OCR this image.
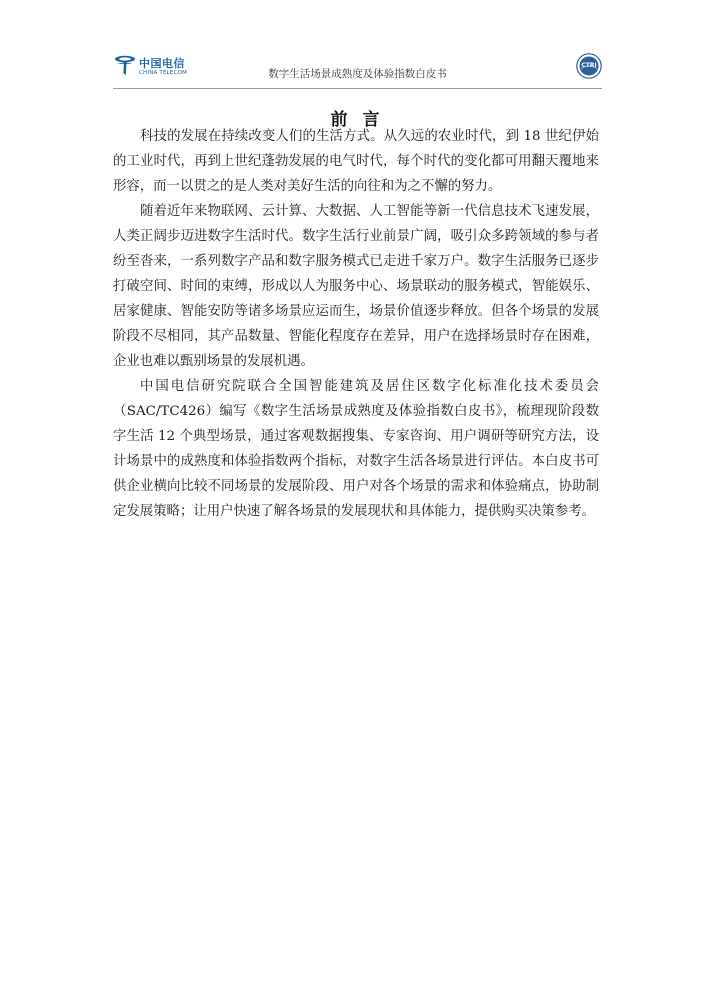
中国电信
CHINA TELECOM	数字生活场景成熟度及体验指数白皮书
CTRI
前言

科技的发展在持续改变人们的生活方式。从久远的农业时代，到 18 世纪伊始的工业时代，再到上世纪蓬勃发展的电气时代，每个时代的变化都可用翻天覆地来形容，而一以贯之的是人类对美好生活的向往和为之不懈的努力。

随着近年来物联网、云计算、大数据、人工智能等新一代信息技术飞速发展，人类正阔步迈进数字生活时代。数字生活行业前景广阔，吸引众多跨领域的参与者纷至沓来，一系列数字产品和数字服务模式已走进千家万户。数字生活服务已逐步打破空间、时间的束缚，形成以人为服务中心、场景联动的服务模式，智能娱乐、居家健康、智能安防等诸多场景应运而生，场景价值逐步释放。但各个场景的发展阶段不尽相同，其产品数量、智能化程度存在差异，用户在选择场景时存在困难，企业也难以甄别场景的发展机遇。

中国电信研究院联合全国智能建筑及居住区数字化标准化技术委员会（SAC/TC426）编写《数字生活场景成熟度及体验指数白皮书》，梳理现阶段数字生活 12 个典型场景，通过客观数据搜集、专家咨询、用户调研等研究方法，设计场景中的成熟度和体验指数两个指标，对数字生活各场景进行评估。本白皮书可供企业横向比较不同场景的发展阶段、用户对各个场景的需求和体验痛点，协助制定发展策略；让用户快速了解各场景的发展现状和具体能力，提供购买决策参考。
